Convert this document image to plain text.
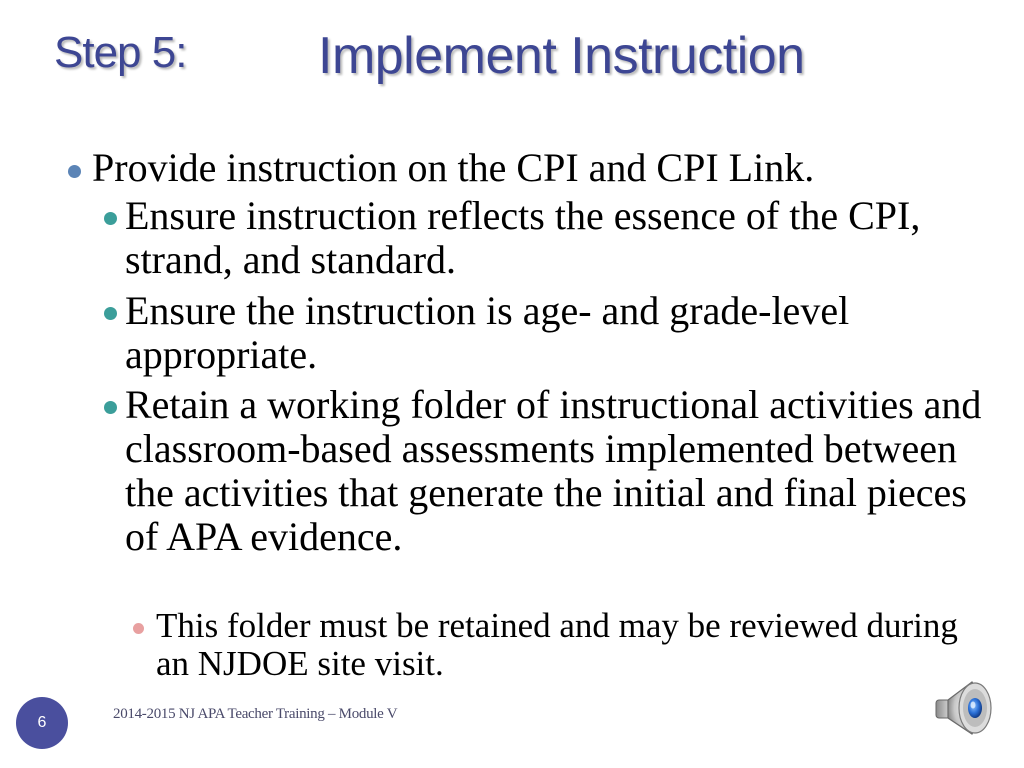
Step 5:	Implement Instruction
Provide instruction on the CPI and CPI Link.
Ensure instruction reflects the essence of the CPI, strand, and standard.
Ensure the instruction is age- and grade-level appropriate.
Retain a working folder of instructional activities and classroom-based assessments implemented between the activities that generate the initial and final pieces of APA evidence.
This folder must be retained and may be reviewed during an NJDOE site visit.
6	2014-2015 NJ APA Teacher Training – Module V
